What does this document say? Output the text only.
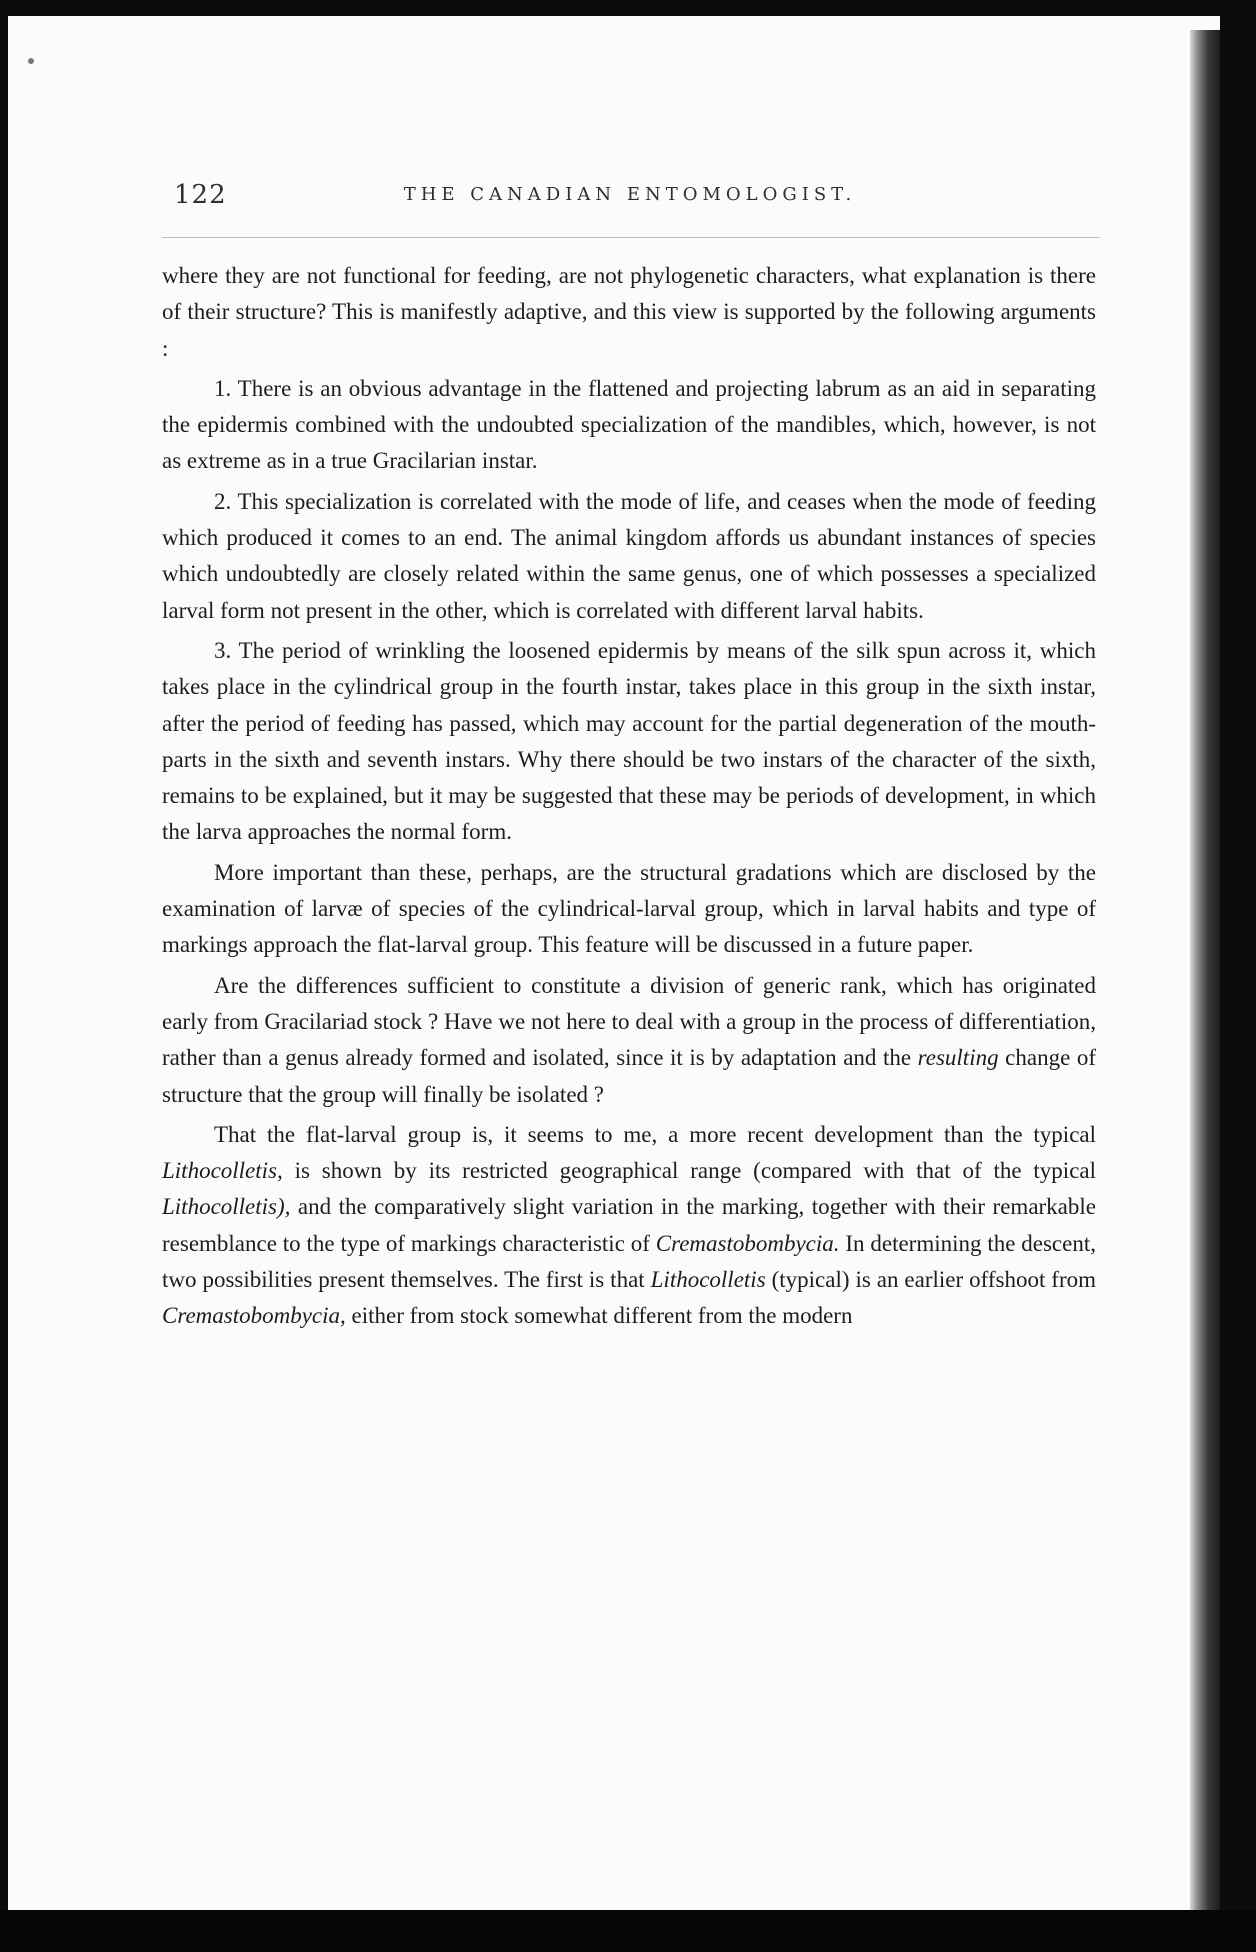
122	THE CANADIAN ENTOMOLOGIST.

where they are not functional for feeding, are not phylogenetic characters, what explanation is there of their structure? This is manifestly adaptive, and this view is supported by the following arguments :

1. There is an obvious advantage in the flattened and projecting labrum as an aid in separating the epidermis combined with the undoubted specialization of the mandibles, which, however, is not as extreme as in a true Gracilarian instar.

2. This specialization is correlated with the mode of life, and ceases when the mode of feeding which produced it comes to an end. The animal kingdom affords us abundant instances of species which undoubtedly are closely related within the same genus, one of which possesses a specialized larval form not present in the other, which is correlated with different larval habits.

3. The period of wrinkling the loosened epidermis by means of the silk spun across it, which takes place in the cylindrical group in the fourth instar, takes place in this group in the sixth instar, after the period of feeding has passed, which may account for the partial degeneration of the mouth-parts in the sixth and seventh instars. Why there should be two instars of the character of the sixth, remains to be explained, but it may be suggested that these may be periods of development, in which the larva approaches the normal form.

More important than these, perhaps, are the structural gradations which are disclosed by the examination of larvæ of species of the cylindrical-larval group, which in larval habits and type of markings approach the flat-larval group. This feature will be discussed in a future paper.

Are the differences sufficient to constitute a division of generic rank, which has originated early from Gracilariad stock ? Have we not here to deal with a group in the process of differentiation, rather than a genus already formed and isolated, since it is by adaptation and the resulting change of structure that the group will finally be isolated ?

That the flat-larval group is, it seems to me, a more recent development than the typical Lithocolletis, is shown by its restricted geographical range (compared with that of the typical Lithocolletis), and the comparatively slight variation in the marking, together with their remarkable resemblance to the type of markings characteristic of Cremastobombycia. In determining the descent, two possibilities present themselves. The first is that Lithocolletis (typical) is an earlier offshoot from Cremastobombycia, either from stock somewhat different from the modern
